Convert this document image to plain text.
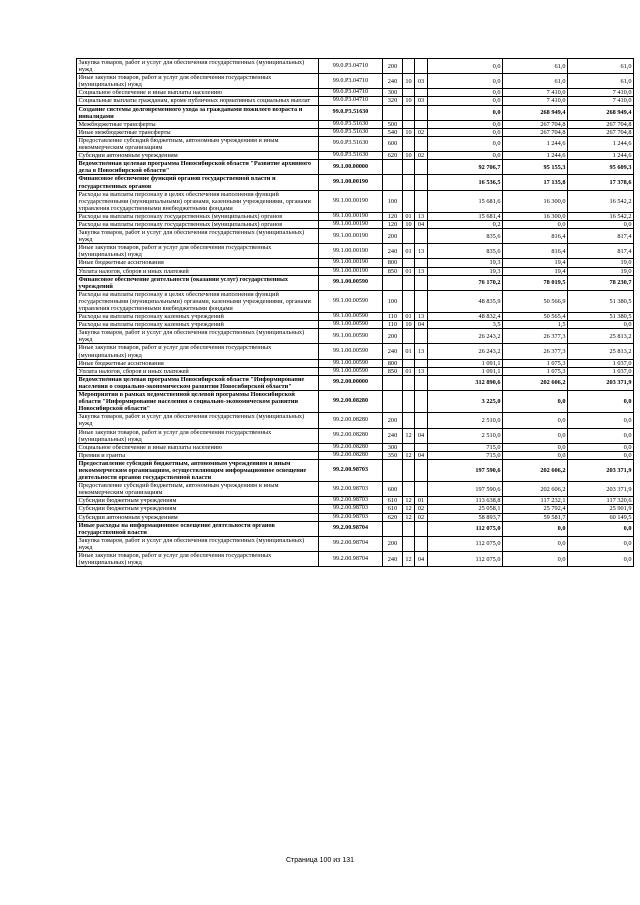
Закупка товаров, работ и услуг для обеспечения государственных (муниципальных) нужд	99.0.P3.04710	200			0,0	61,0	61,0
Иные закупки товаров, работ и услуг для обеспечения государственных (муниципальных) нужд	99.0.P3.04710	240	10	03	0,0	61,0	61,0
Социальное обеспечение и иные выплаты населению	99.0.P3.04710	300			0,0	7 410,0	7 410,0
Социальные выплаты гражданам, кроме публичных нормативных социальных выплат	99.0.P3.04710	320	10	03	0,0	7 410,0	7 410,0
Создание системы долговременного ухода за гражданами пожилого возраста и инвалидами	99.0.P3.51630				0,0	268 949,4	268 949,4
Межбюджетные трансферты	99.0.P3.51630	500			0,0	267 704,8	267 704,8
Иные межбюджетные трансферты	99.0.P3.51630	540	10	02	0,0	267 704,8	267 704,8
Предоставление субсидий бюджетным, автономным учреждениям и иным некоммерческим организациям	99.0.P3.51630	600			0,0	1 244,6	1 244,6
Субсидии автономным учреждениям	99.0.P3.51630	620	10	02	0,0	1 244,6	1 244,6
Ведомственная целевая программа Новосибирской области "Развитие архивного дела в Новосибирской области"	99.1.00.00000				92 706,7	95 155,3	95 609,3
Финансовое обеспечение функций органов государственной власти и государственных органов	99.1.00.00190				16 536,5	17 135,8	17 378,6
Расходы на выплаты персоналу в целях обеспечения выполнения функций государственными (муниципальными) органами, казенными учреждениями, органами управления государственными внебюджетными фондами	99.1.00.00190	100			15 681,6	16 300,0	16 542,2
Расходы на выплаты персоналу государственных (муниципальных) органов	99.1.00.00190	120	01	13	15 681,4	16 300,0	16 542,2
Расходы на выплаты персоналу государственных (муниципальных) органов	99.1.00.00190	120	10	04	0,2	0,0	0,0
Закупка товаров, работ и услуг для обеспечения государственных (муниципальных) нужд	99.1.00.00190	200			835,6	816,4	817,4
Иные закупки товаров, работ и услуг для обеспечения государственных (муниципальных) нужд	99.1.00.00190	240	01	13	835,6	816,4	817,4
Иные бюджетные ассигнования	99.1.00.00190	800			19,3	19,4	19,0
Уплата налогов, сборов и иных платежей	99.1.00.00190	850	01	13	19,3	19,4	19,0
Финансовое обеспечение деятельности (оказания услуг) государственных учреждений	99.1.00.00590				76 170,2	78 019,5	78 230,7
Расходы на выплаты персоналу в целях обеспечения выполнения функций государственными (муниципальными) органами, казенными учреждениями, органами управления государственными внебюджетными фондами	99.1.00.00590	100			48 835,9	50 566,9	51 380,5
Расходы на выплаты персоналу казенных учреждений	99.1.00.00590	110	01	13	48 832,4	50 565,4	51 380,5
Расходы на выплаты персоналу казенных учреждений	99.1.00.00590	110	10	04	3,5	1,5	0,0
Закупка товаров, работ и услуг для обеспечения государственных (муниципальных) нужд	99.1.00.00590	200			26 243,2	26 377,3	25 813,2
Иные закупки товаров, работ и услуг для обеспечения государственных (муниципальных) нужд	99.1.00.00590	240	01	13	26 243,2	26 377,3	25 813,2
Иные бюджетные ассигнования	99.1.00.00590	800			1 091,1	1 075,3	1 037,0
Уплата налогов, сборов и иных платежей	99.1.00.00590	850	01	13	1 091,1	1 075,3	1 037,0
Ведомственная целевая программа Новосибирской области "Информирование населения о социально-экономическом развитии Новосибирской области"	99.2.00.00000				312 890,6	202 606,2	203 371,9
Мероприятия в рамках ведомственной целевой программы Новосибирской области "Информирование населения о социально-экономическом развитии Новосибирской области"	99.2.00.08280				3 225,0	0,0	0,0
Закупка товаров, работ и услуг для обеспечения государственных (муниципальных) нужд	99.2.00.08280	200			2 510,0	0,0	0,0
Иные закупки товаров, работ и услуг для обеспечения государственных (муниципальных) нужд	99.2.00.08280	240	12	04	2 510,0	0,0	0,0
Социальное обеспечение и иные выплаты населению	99.2.00.08280	300			715,0	0,0	0,0
Премии и гранты	99.2.00.08280	350	12	04	715,0	0,0	0,0
Предоставление субсидий бюджетным, автономным учреждениям и иным некоммерческим организациям, осуществляющим информационное освещение деятельности органов государственной власти	99.2.00.98703				197 590,6	202 606,2	203 371,9
Предоставление субсидий бюджетным, автономным учреждениям и иным некоммерческим организациям	99.2.00.98703	600			197 590,6	202 606,2	203 371,9
Субсидии бюджетным учреждениям	99.2.00.98703	610	12	01	113 638,8	117 232,1	117 320,6
Субсидии бюджетным учреждениям	99.2.00.98703	610	12	02	25 058,1	25 792,4	25 901,9
Субсидии автономным учреждениям	99.2.00.98703	620	12	02	58 893,7	59 581,7	60 149,5
Иные расходы на информационное освещение деятельности органов государственной власти	99.2.00.98704				112 075,0	0,0	0,0
Закупка товаров, работ и услуг для обеспечения государственных (муниципальных) нужд	99.2.00.98704	200			112 075,0	0,0	0,0
Иные закупки товаров, работ и услуг для обеспечения государственных (муниципальных) нужд	99.2.00.98704	240	12	04	112 075,0	0,0	0,0
Страница 100 из 131
